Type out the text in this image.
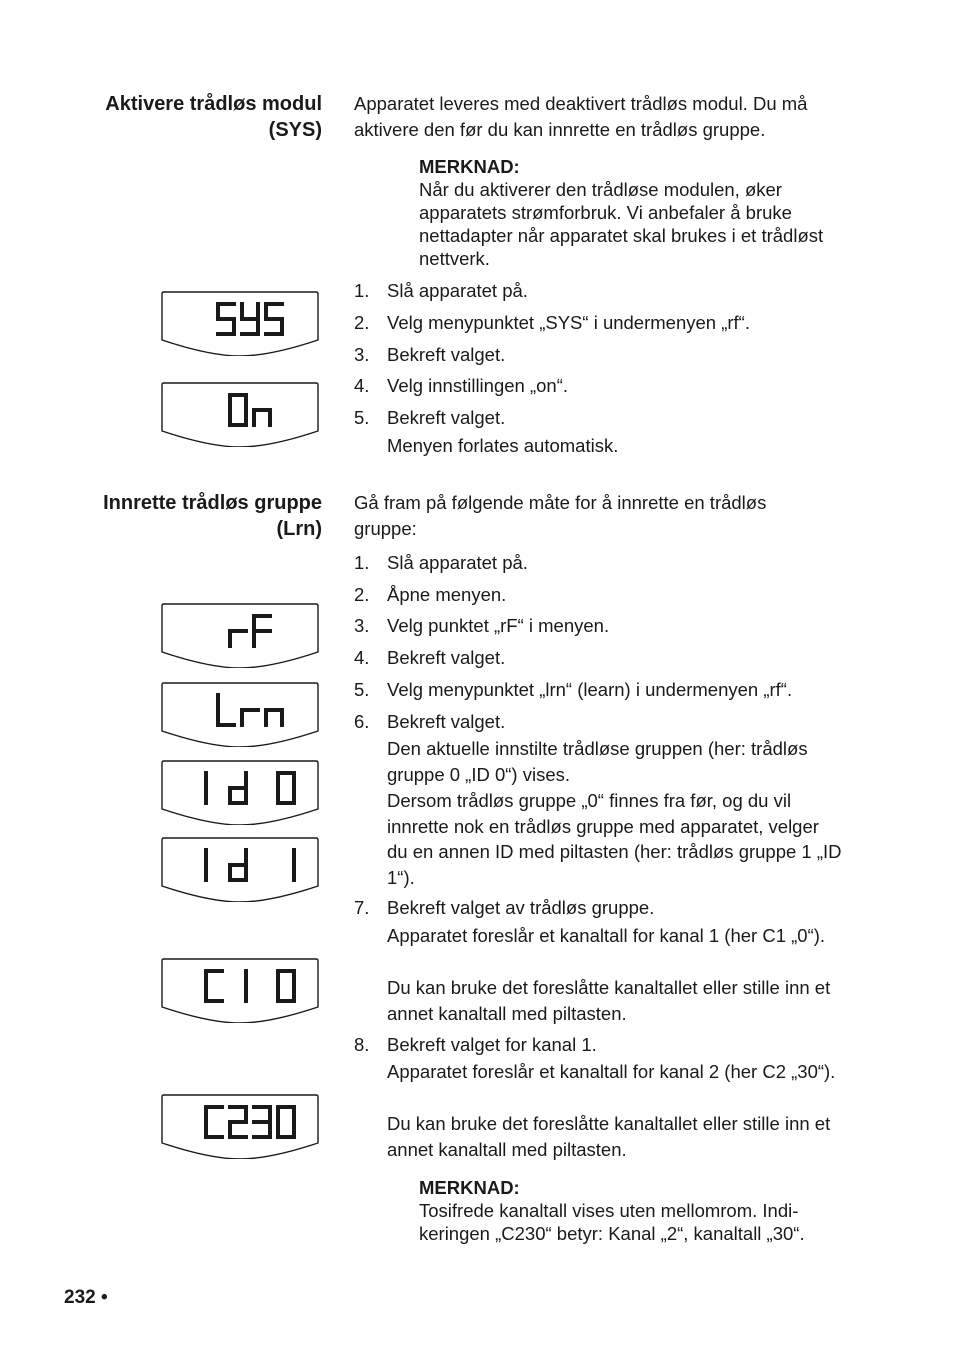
Aktivere trådløs modul
(SYS)
Apparatet leveres med deaktivert trådløs modul. Du må aktivere den før du kan innrette en trådløs gruppe.
MERKNAD:
Når du aktiverer den trådløse modulen, øker apparatets strømforbruk. Vi anbefaler å bruke nettadapter når apparatet skal brukes i et trådløst nettverk.
1. Slå apparatet på.
2. Velg menypunktet „SYS“ i undermenyen „rf“.
3. Bekreft valget.
4. Velg innstillingen „on“.
5. Bekreft valget.
Menyen forlates automatisk.
Innrette trådløs gruppe
(Lrn)
Gå fram på følgende måte for å innrette en trådløs gruppe:
1. Slå apparatet på.
2. Åpne menyen.
3. Velg punktet „rF“ i menyen.
4. Bekreft valget.
5. Velg menypunktet „lrn“ (learn) i undermenyen „rf“.
6. Bekreft valget.
Den aktuelle innstilte trådløse gruppen (her: trådløs gruppe 0 „ID 0“) vises.
Dersom trådløs gruppe „0“ finnes fra før, og du vil innrette nok en trådløs gruppe med apparatet, velger du en annen ID med piltasten (her: trådløs gruppe 1 „ID 1“).
7. Bekreft valget av trådløs gruppe.
Apparatet foreslår et kanaltall for kanal 1 (her C1 „0“).
Du kan bruke det foreslåtte kanaltallet eller stille inn et annet kanaltall med piltasten.
8. Bekreft valget for kanal 1.
Apparatet foreslår et kanaltall for kanal 2 (her C2 „30“).
Du kan bruke det foreslåtte kanaltallet eller stille inn et annet kanaltall med piltasten.
MERKNAD:
Tosifrede kanaltall vises uten mellomrom. Indi-
keringen „C230“ betyr: Kanal „2“, kanaltall „30“.
232 •
